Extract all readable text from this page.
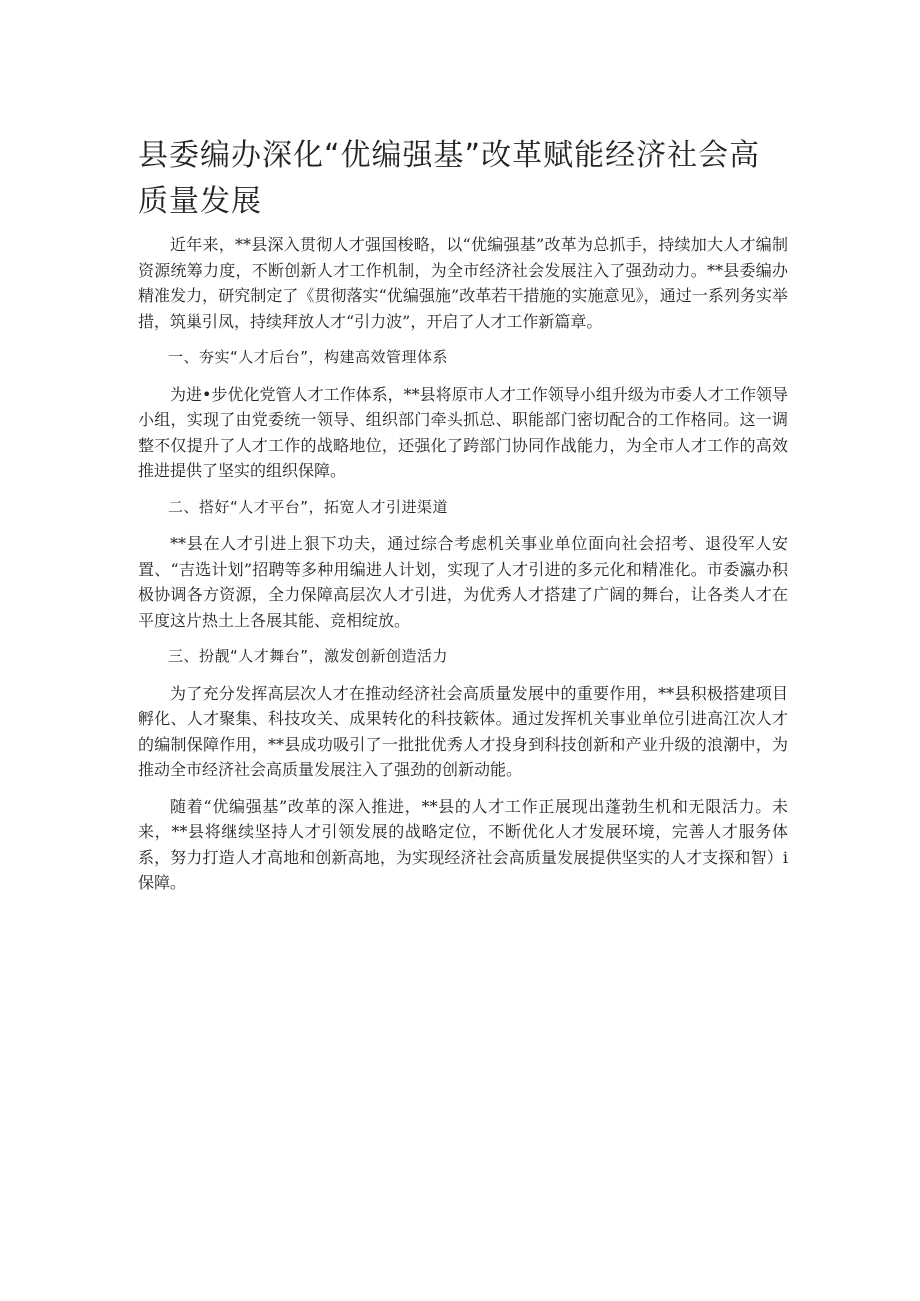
县委编办深化“优编强基”改革赋能经济社会高质量发展

近年来，**县深入贯彻人才强国梭略，以“优编强基”改革为总抓手，持续加大人才编制资源统筹力度，不断创新人才工作机制，为全市经济社会发展注入了强劲动力。**县委编办精准发力，研究制定了《贯彻落实“优编强施”改革若干措施的实施意见》，通过一系列务实举措，筑巢引凤，持续拜放人才“引力波”，开启了人才工作新篇章。

一、夯实“人才后台”，构建高效管理体系

为进•步优化党管人才工作体系，**县将原市人才工作领导小组升级为市委人才工作领导小组，实现了由党委统一领导、组织部门牵头抓总、职能部门密切配合的工作格同。这一调整不仅提升了人才工作的战略地位，还强化了跨部门协同作战能力，为全市人才工作的高效推进提供了坚实的组织保障。

二、搭好“人才平台”，拓宽人才引进渠道

**县在人才引进上狠下功夫，通过综合考虑机关事业单位面向社会招考、退役军人安置、“吉选计划”招聘等多种用编进人计划，实现了人才引进的多元化和精准化。市委瀛办积极协调各方资源，全力保障高层次人才引进，为优秀人才搭建了广阔的舞台，让各类人才在平度这片热土上各展其能、竞相绽放。

三、扮靓“人才舞台”，激发创新创造活力

为了充分发挥高层次人才在推动经济社会高质量发展中的重要作用，**县积极搭建项目孵化、人才聚集、科技攻关、成果转化的科技簌体。通过发挥机关事业单位引进高江次人才的编制保障作用，**县成功吸引了一批批优秀人才投身到科技创新和产业升级的浪潮中，为推动全市经济社会高质量发展注入了强劲的创新动能。

随着“优编强基”改革的深入推进，**县的人才工作正展现出蓬勃生机和无限活力。未来，**县将继续坚持人才引领发展的战略定位，不断优化人才发展环境，完善人才服务体系，努力打造人才高地和创新高地，为实现经济社会高质量发展提供坚实的人才支探和智）i保障。
